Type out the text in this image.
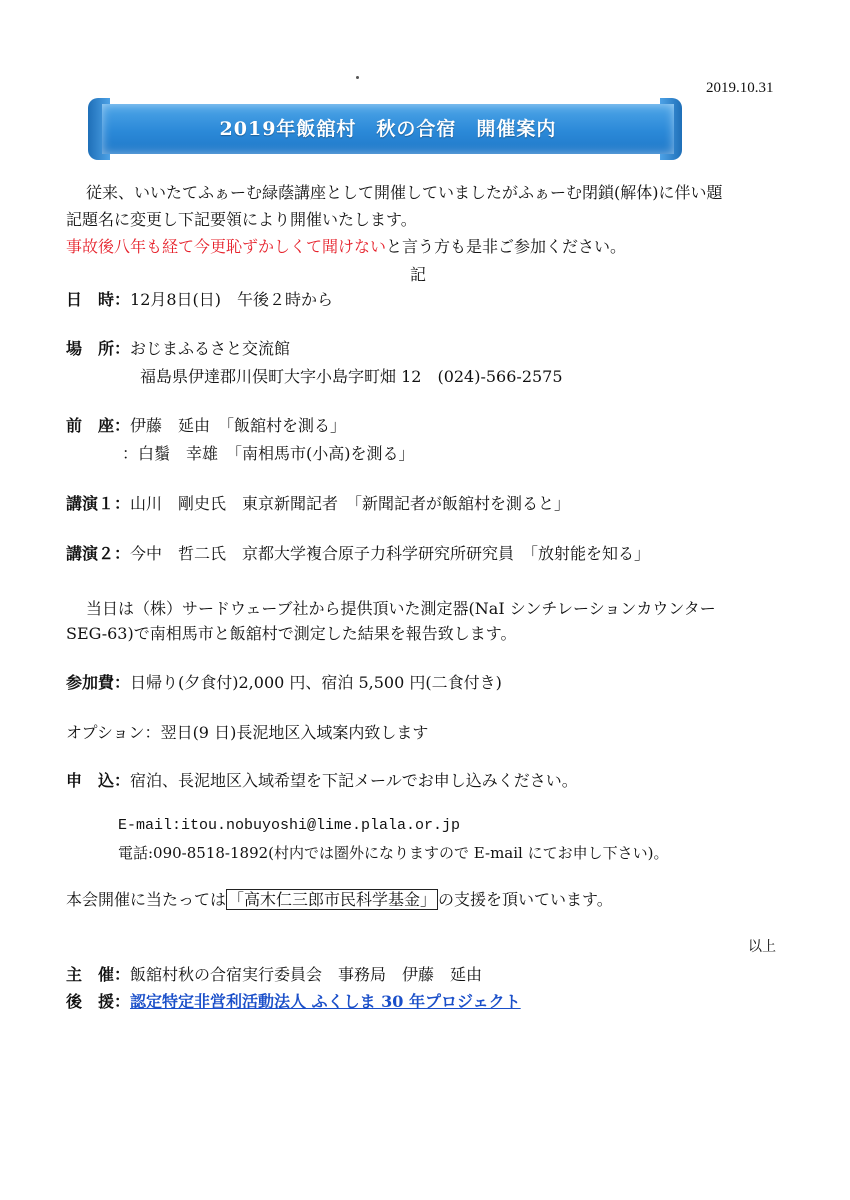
2019.10.31
2019年飯舘村　秋の合宿　開催案内
従来、いいたてふぁーむ緑蔭講座として開催していましたがふぁーむ閉鎖(解体)に伴い題
記題名に変更し下記要領により開催いたします。
事故後八年も経て今更恥ずかしくて聞けないと言う方も是非ご参加ください。
記
日　時：12月8日(日)　午後２時から
場　所：おじまふるさと交流館
福島県伊達郡川俣町大字小島字町畑 12　(024)-566-2575
前　座：伊藤　延由　「飯舘村を測る」
：白鬚　幸雄　「南相馬市(小高)を測る」
講演１：山川　剛史氏　東京新聞記者　「新聞記者が飯舘村を測ると」
講演２：今中　哲二氏　京都大学複合原子力科学研究所研究員　「放射能を知る」
当日は（株）サードウェーブ社から提供頂いた測定器(NaI シンチレーションカウンター
SEG-63)で南相馬市と飯舘村で測定した結果を報告致します。
参加費：日帰り(夕食付)2,000 円、宿泊 5,500 円(二食付き)
オプション：翌日(9 日)長泥地区入域案内致します
申　込：宿泊、長泥地区入域希望を下記メールでお申し込みください。
E-mail:itou.nobuyoshi@lime.plala.or.jp
電話:090-8518-1892(村内では圏外になりますので E-mail にてお申し下さい)。
本会開催に当たっては 「高木仁三郎市民科学基金」 の支援を頂いています。
以上
主　催：飯舘村秋の合宿実行委員会　事務局　伊藤　延由
後　援：認定特定非営利活動法人 ふくしま 30 年プロジェクト
